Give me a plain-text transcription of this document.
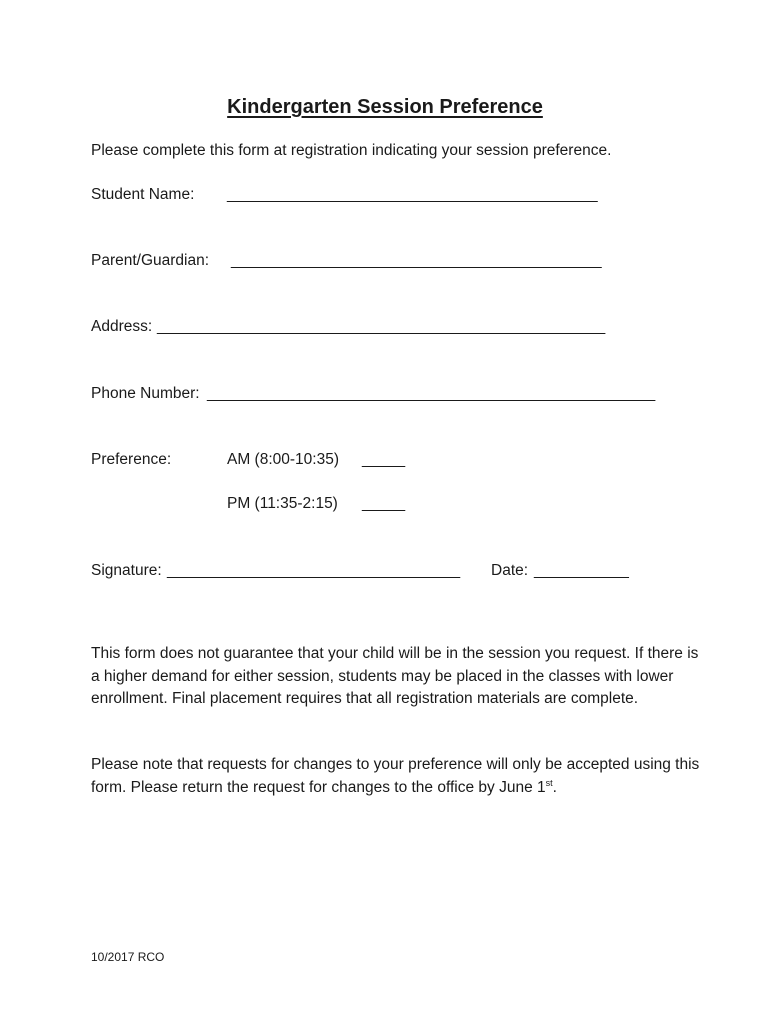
Kindergarten Session Preference
Please complete this form at registration indicating your session preference.
Student Name: ___________________________________________
Parent/Guardian: ___________________________________________
Address: ____________________________________________________
Phone Number: ____________________________________________________
Preference:	AM (8:00-10:35) _____
PM (11:35-2:15) _____
Signature: __________________________________ Date: ___________
This form does not guarantee that your child will be in the session you request. If there is a higher demand for either session, students may be placed in the classes with lower enrollment. Final placement requires that all registration materials are complete.
Please note that requests for changes to your preference will only be accepted using this form. Please return the request for changes to the office by June 1st.
10/2017 RCO
